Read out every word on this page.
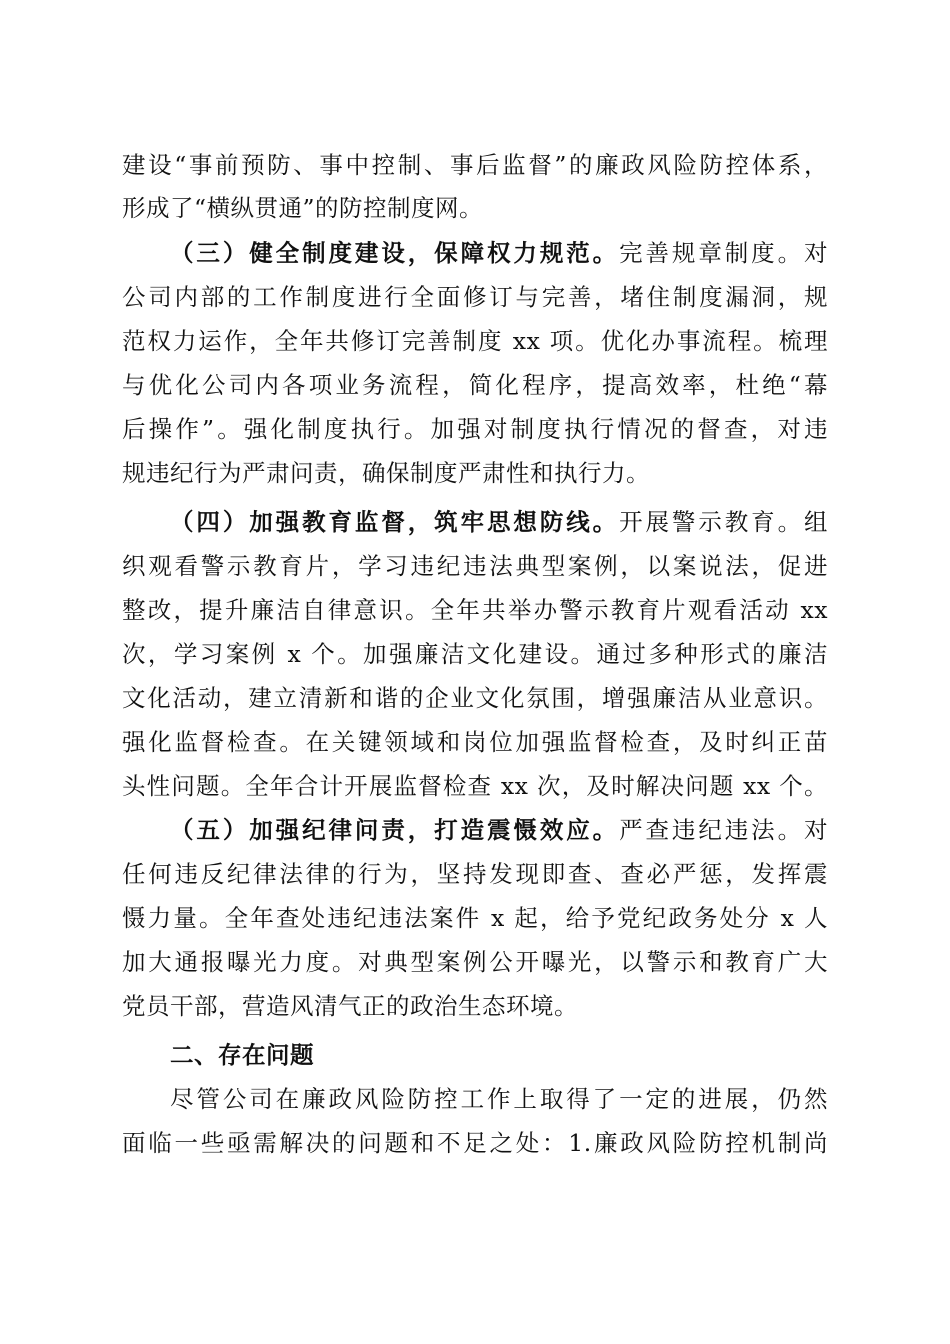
建设“事前预防、事中控制、事后监督”的廉政风险防控体系，
形成了“横纵贯通”的防控制度网。
（三）健全制度建设，保障权力规范。完善规章制度。对
公司内部的工作制度进行全面修订与完善，堵住制度漏洞，规
范权力运作，全年共修订完善制度 xx 项。优化办事流程。梳理
与优化公司内各项业务流程，简化程序，提高效率，杜绝“幕
后操作”。强化制度执行。加强对制度执行情况的督查，对违
规违纪行为严肃问责，确保制度严肃性和执行力。
（四）加强教育监督，筑牢思想防线。开展警示教育。组
织观看警示教育片，学习违纪违法典型案例，以案说法，促进
整改，提升廉洁自律意识。全年共举办警示教育片观看活动 xx
次，学习案例 x 个。加强廉洁文化建设。通过多种形式的廉洁
文化活动，建立清新和谐的企业文化氛围，增强廉洁从业意识。
强化监督检查。在关键领域和岗位加强监督检查，及时纠正苗
头性问题。全年合计开展监督检查 xx 次，及时解决问题 xx 个。
（五）加强纪律问责，打造震慑效应。严查违纪违法。对
任何违反纪律法律的行为，坚持发现即查、查必严惩，发挥震
慑力量。全年查处违纪违法案件 x 起，给予党纪政务处分 x 人
加大通报曝光力度。对典型案例公开曝光，以警示和教育广大
党员干部，营造风清气正的政治生态环境。
二、存在问题
尽管公司在廉政风险防控工作上取得了一定的进展，仍然
面临一些亟需解决的问题和不足之处：1.廉政风险防控机制尚
